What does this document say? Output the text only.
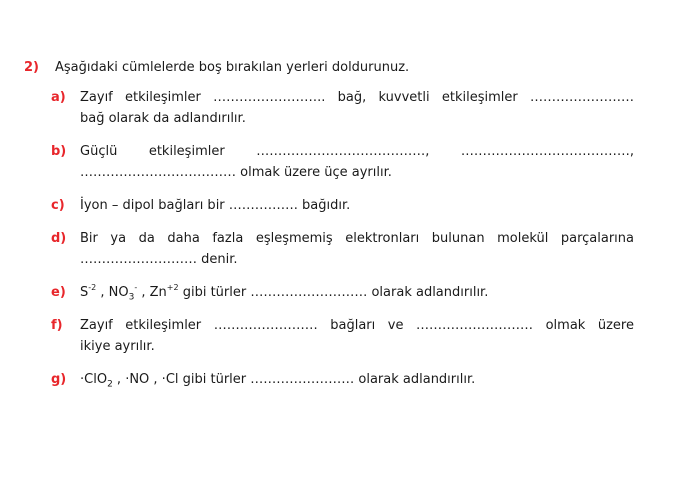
2)	Aşağıdaki cümlelerde boş bırakılan yerleri doldurunuz.
a)	Zayıf etkileşimler …………………….. bağ, kuvvetli etkileşimler ……………………
bağ olarak da adlandırılır.
b)	Güçlü etkileşimler …………………………………, …………………………………,
……………………………… olmak üzere üçe ayrılır.
c)	İyon – dipol bağları bir ……………. bağıdır.
d)	Bir ya da daha fazla eşleşmemiş elektronları bulunan molekül parçalarına
……………………… denir.
e)	$S^{-2}$ , $NO_3^-$ , $Zn^{+2}$ gibi türler ……………………… olarak adlandırılır.
f)	Zayıf etkileşimler …………………… bağları ve ……………………… olmak üzere
ikiye ayrılır.
g)	·ClO$_2$ , ·NO , ·Cl gibi türler …………………… olarak adlandırılır.
